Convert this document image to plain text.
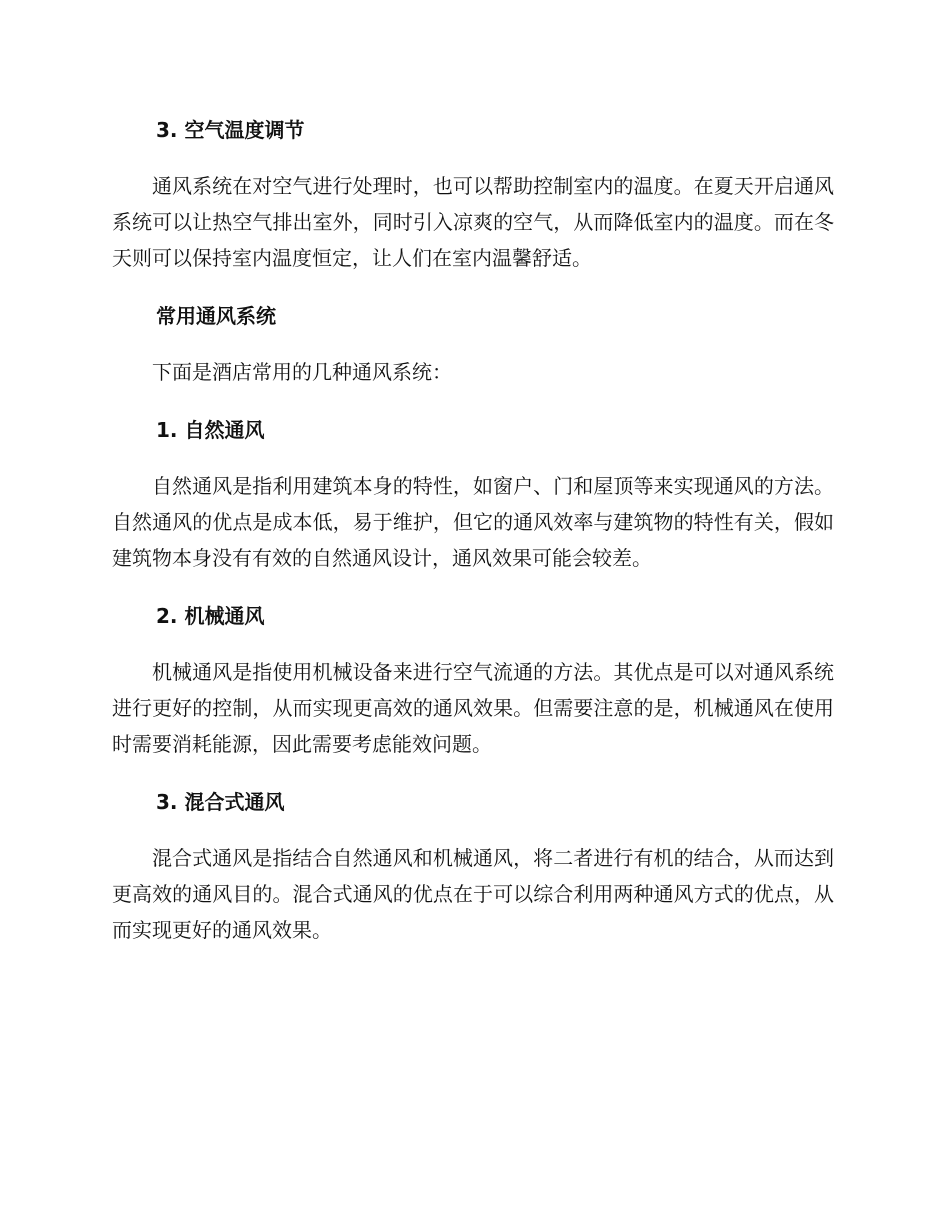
3. 空气温度调节

通风系统在对空气进行处理时，也可以帮助控制室内的温度。在夏天开启通风系统可以让热空气排出室外，同时引入凉爽的空气，从而降低室内的温度。而在冬天则可以保持室内温度恒定，让人们在室内温馨舒适。

常用通风系统

下面是酒店常用的几种通风系统：

1. 自然通风

自然通风是指利用建筑本身的特性，如窗户、门和屋顶等来实现通风的方法。自然通风的优点是成本低，易于维护，但它的通风效率与建筑物的特性有关，假如建筑物本身没有有效的自然通风设计，通风效果可能会较差。

2. 机械通风

机械通风是指使用机械设备来进行空气流通的方法。其优点是可以对通风系统进行更好的控制，从而实现更高效的通风效果。但需要注意的是，机械通风在使用时需要消耗能源，因此需要考虑能效问题。

3. 混合式通风

混合式通风是指结合自然通风和机械通风，将二者进行有机的结合，从而达到更高效的通风目的。混合式通风的优点在于可以综合利用两种通风方式的优点，从而实现更好的通风效果。
